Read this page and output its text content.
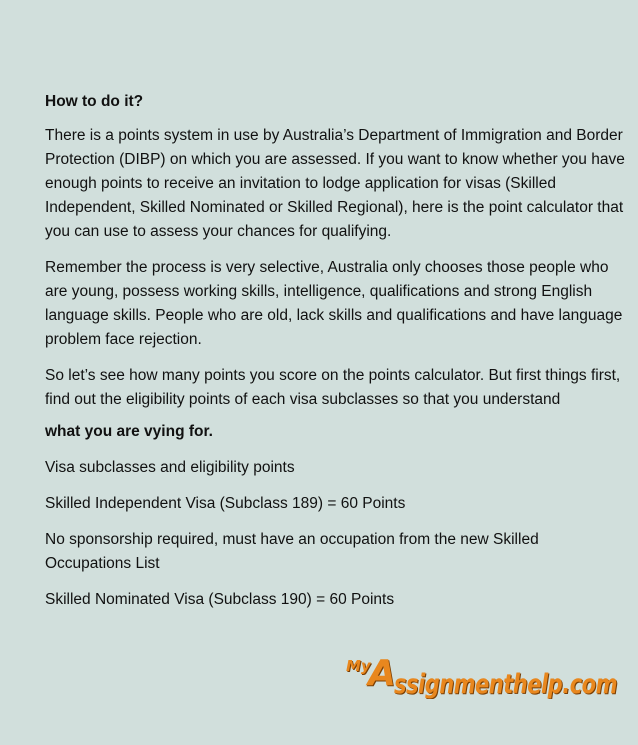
How to do it?

There is a points system in use by Australia’s Department of Immigration and Border Protection (DIBP) on which you are assessed. If you want to know whether you have enough points to receive an invitation to lodge application for visas (Skilled Independent, Skilled Nominated or Skilled Regional), here is the point calculator that you can use to assess your chances for qualifying.

Remember the process is very selective, Australia only chooses those people who are young, possess working skills, intelligence, qualifications and strong English language skills. People who are old, lack skills and qualifications and have language problem face rejection.

So let’s see how many points you score on the points calculator. But first things first, find out the eligibility points of each visa subclasses so that you understand

what you are vying for.

Visa subclasses and eligibility points

Skilled Independent Visa (Subclass 189) = 60 Points

No sponsorship required, must have an occupation from the new Skilled Occupations List

Skilled Nominated Visa (Subclass 190) = 60 Points

My
A
ssignmenthelp.com
